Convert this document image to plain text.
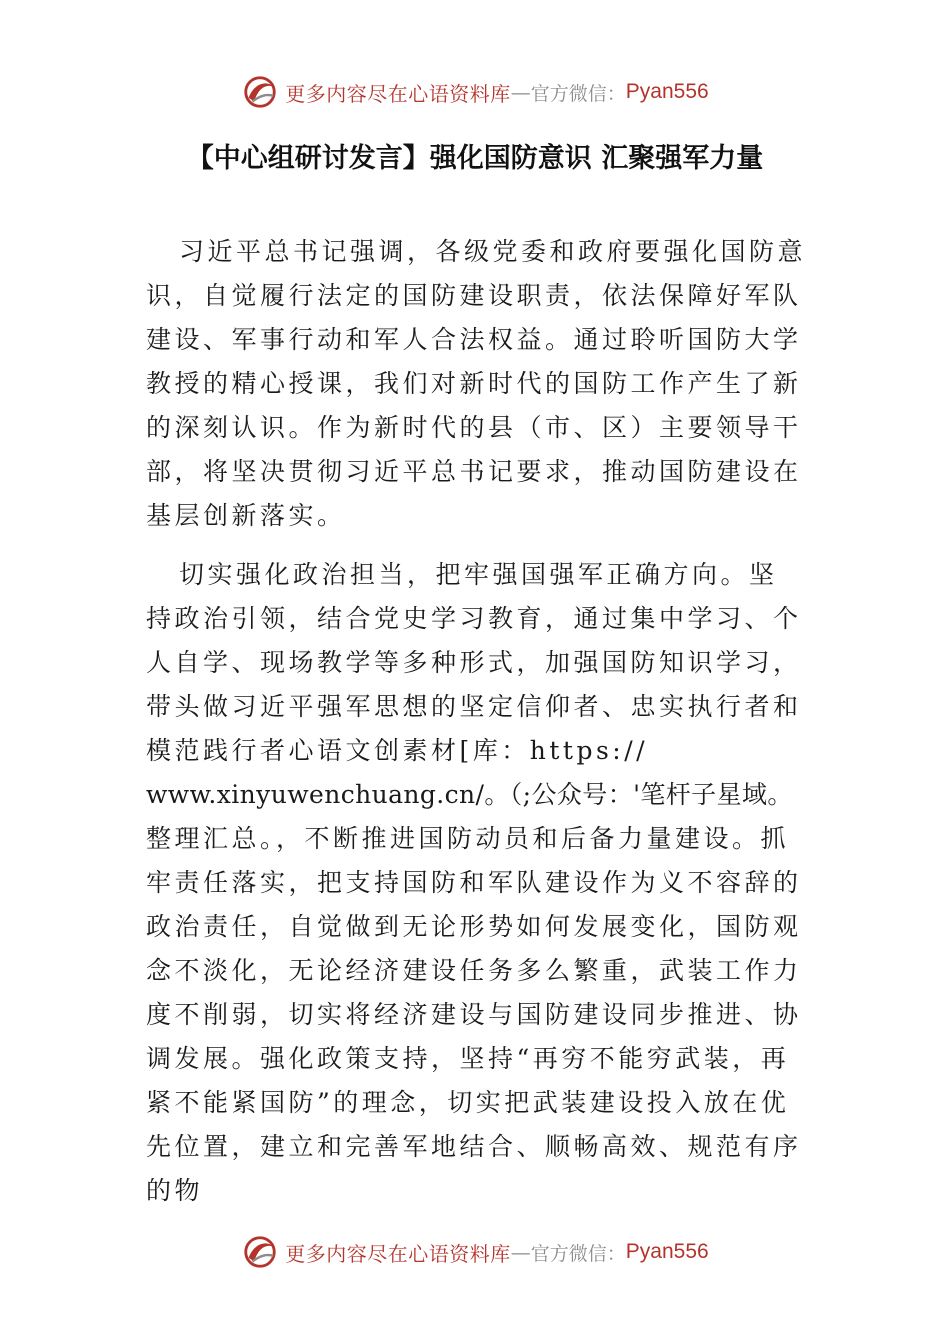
更多内容尽在心语资料库 — 官方微信： Pyan556
【中心组研讨发言】强化国防意识 汇聚强军力量
习近平总书记强调，各级党委和政府要强化国防意
识，自觉履行法定的国防建设职责，依法保障好军队
建设、军事行动和军人合法权益。通过聆听国防大学
教授的精心授课，我们对新时代的国防工作产生了新
的深刻认识。作为新时代的县（市、区）主要领导干
部，将坚决贯彻习近平总书记要求，推动国防建设在
基层创新落实。
切实强化政治担当，把牢强国强军正确方向。坚
持政治引领，结合党史学习教育，通过集中学习、个
人自学、现场教学等多种形式，加强国防知识学习，
带头做习近平强军思想的坚定信仰者、忠实执行者和
模范践行者心语文创素材[库：https://
www.xinyuwenchuang.cn/。（;公众号：'笔杆子星域。
整理汇总。，不断推进国防动员和后备力量建设。抓
牢责任落实，把支持国防和军队建设作为义不容辞的
政治责任，自觉做到无论形势如何发展变化，国防观
念不淡化，无论经济建设任务多么繁重，武装工作力
度不削弱，切实将经济建设与国防建设同步推进、协
调发展。强化政策支持，坚持“再穷不能穷武装，再
紧不能紧国防”的理念，切实把武装建设投入放在优
先位置，建立和完善军地结合、顺畅高效、规范有序
的物
更多内容尽在心语资料库 — 官方微信： Pyan556
